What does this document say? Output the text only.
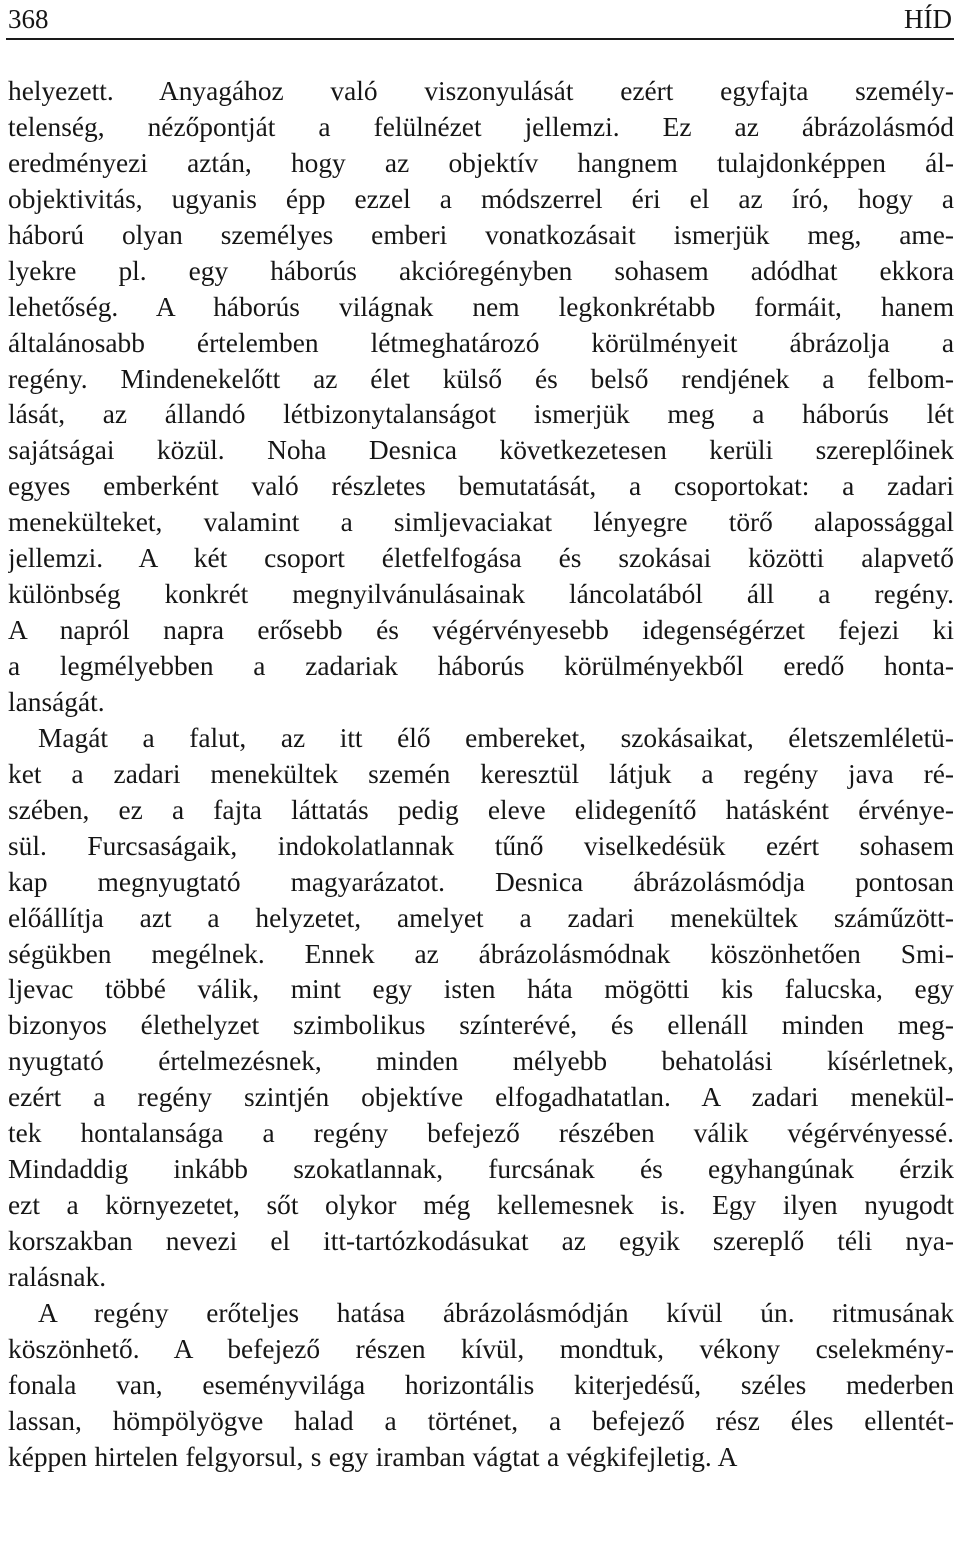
368	HÍD

helyezett. Anyagához való viszonyulását ezért egyfajta személy-
telenség, nézőpontját a felülnézet jellemzi. Ez az ábrázolásmód
eredményezi aztán, hogy az objektív hangnem tulajdonképpen ál-
objektivitás, ugyanis épp ezzel a módszerrel éri el az író, hogy a
háború olyan személyes emberi vonatkozásait ismerjük meg, ame-
lyekre pl. egy háborús akcióregényben sohasem adódhat ekkora
lehetőség. A háborús világnak nem legkonkrétabb formáit, hanem
általánosabb értelemben létmeghatározó körülményeit ábrázolja a
regény. Mindenekelőtt az élet külső és belső rendjének a felbom-
lását, az állandó létbizonytalanságot ismerjük meg a háborús lét
sajátságai közül. Noha Desnica következetesen kerüli szereplőinek
egyes emberként való részletes bemutatását, a csoportokat: a zadari
menekülteket, valamint a simljevaciakat lényegre törő alapossággal
jellemzi. A két csoport életfelfogása és szokásai közötti alapvető
különbség konkrét megnyilvánulásainak láncolatából áll a regény.
A napról napra erősebb és végérvényesebb idegenségérzet fejezi ki
a legmélyebben a zadariak háborús körülményekből eredő honta-
lanságát.

Magát a falut, az itt élő embereket, szokásaikat, életszemléletü-
ket a zadari menekültek szemén keresztül látjuk a regény java ré-
szében, ez a fajta láttatás pedig eleve elidegenítő hatásként érvénye-
sül. Furcsaságaik, indokolatlannak tűnő viselkedésük ezért sohasem
kap megnyugtató magyarázatot. Desnica ábrázolásmódja pontosan
előállítja azt a helyzetet, amelyet a zadari menekültek száműzött-
ségükben megélnek. Ennek az ábrázolásmódnak köszönhetően Smi-
ljevac többé válik, mint egy isten háta mögötti kis falucska, egy
bizonyos élethelyzet szimbolikus színterévé, és ellenáll minden meg-
nyugtató értelmezésnek, minden mélyebb behatolási kísérletnek,
ezért a regény szintjén objektíve elfogadhatatlan. A zadari menekül-
tek hontalansága a regény befejező részében válik végérvényessé.
Mindaddig inkább szokatlannak, furcsának és egyhangúnak érzik
ezt a környezetet, sőt olykor még kellemesnek is. Egy ilyen nyugodt
korszakban nevezi el itt-tartózkodásukat az egyik szereplő téli nya-
ralásnak.

A regény erőteljes hatása ábrázolásmódján kívül ún. ritmusának
köszönhető. A befejező részen kívül, mondtuk, vékony cselekmény-
fonala van, eseményvilága horizontális kiterjedésű, széles mederben
lassan, hömpölyögve halad a történet, a befejező rész éles ellentét-
képpen hirtelen felgyorsul, s egy iramban vágtat a végkifejletig. A
